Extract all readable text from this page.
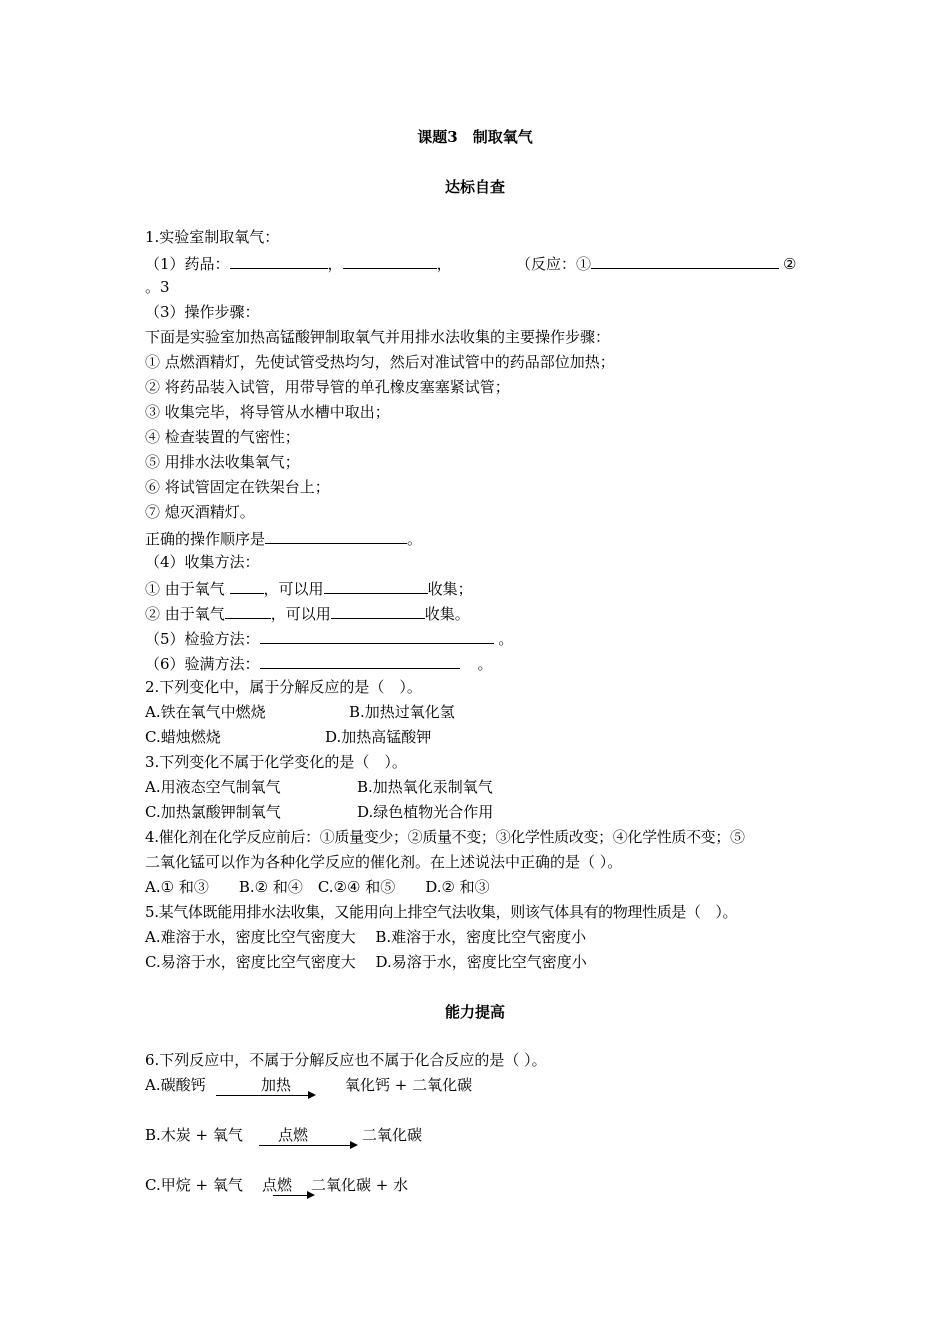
课题3　制取氧气
达标自查
1.实验室制取氧气：
（1）药品：	，	，	（反应：①	②
。3
（3）操作步骤：
下面是实验室加热高锰酸钾制取氧气并用排水法收集的主要操作步骤：
① 点燃酒精灯，先使试管受热均匀，然后对准试管中的药品部位加热；
② 将药品装入试管，用带导管的单孔橡皮塞塞紧试管；
③ 收集完毕，将导管从水槽中取出；
④ 检查装置的气密性；
⑤ 用排水法收集氧气；
⑥ 将试管固定在铁架台上；
⑦ 熄灭酒精灯。
正确的操作顺序是	。
（4）收集方法：
① 由于氧气 ，可以用	收集；
② 由于氧气	，可以用	收集。
（5）检验方法：	。
（6）验满方法：	。
2.下列变化中，属于分解反应的是（　）。
A.铁在氧气中燃烧	B.加热过氧化氢
C.蜡烛燃烧	D.加热高锰酸钾
3.下列变化不属于化学变化的是（　）。
A.用液态空气制氧气	B.加热氧化汞制氧气
C.加热氯酸钾制氧气	D.绿色植物光合作用
4.催化剂在化学反应前后：①质量变少；②质量不变；③化学性质改变；④化学性质不变；⑤
二氧化锰可以作为各种化学反应的催化剂。在上述说法中正确的是（ ）。
A.① 和③　　B.② 和④　C.②④ 和⑤　　D.② 和③
5.某气体既能用排水法收集，又能用向上排空气法收集，则该气体具有的物理性质是（　）。
A.难溶于水，密度比空气密度大　 B.难溶于水，密度比空气密度小
C.易溶于水，密度比空气密度大　 D.易溶于水，密度比空气密度小
能力提高
6.下列反应中，不属于分解反应也不属于化合反应的是（ ）。
A.碳酸钙	加热	氧化钙 + 二氧化碳
B.木炭 + 氧气 点燃	二氧化碳
C.甲烷 + 氧气 点燃 二氧化碳 + 水
